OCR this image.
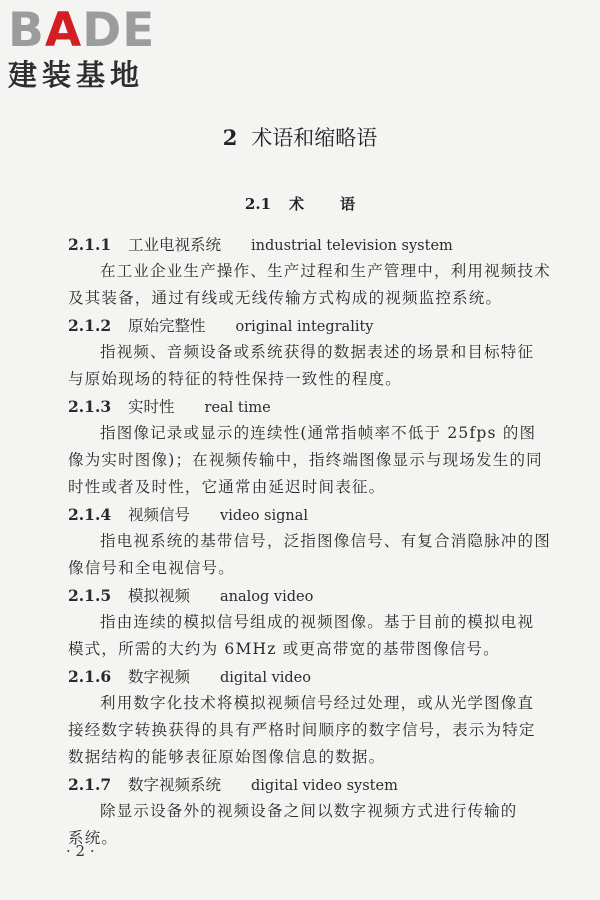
BADE
建装基地
2 术语和缩略语
2.1 术 语
2.1.1 工业电视系统 industrial television system
在工业企业生产操作、生产过程和生产管理中，利用视频技术
及其装备，通过有线或无线传输方式构成的视频监控系统。
2.1.2 原始完整性 original integrality
指视频、音频设备或系统获得的数据表述的场景和目标特征
与原始现场的特征的特性保持一致性的程度。
2.1.3 实时性 real time
指图像记录或显示的连续性(通常指帧率不低于 25fps 的图
像为实时图像)；在视频传输中，指终端图像显示与现场发生的同
时性或者及时性，它通常由延迟时间表征。
2.1.4 视频信号 video signal
指电视系统的基带信号，泛指图像信号、有复合消隐脉冲的图
像信号和全电视信号。
2.1.5 模拟视频 analog video
指由连续的模拟信号组成的视频图像。基于目前的模拟电视
模式，所需的大约为 6MHz 或更高带宽的基带图像信号。
2.1.6 数字视频 digital video
利用数字化技术将模拟视频信号经过处理，或从光学图像直
接经数字转换获得的具有严格时间顺序的数字信号，表示为特定
数据结构的能够表征原始图像信息的数据。
2.1.7 数字视频系统 digital video system
除显示设备外的视频设备之间以数字视频方式进行传输的
系统。
· 2 ·
